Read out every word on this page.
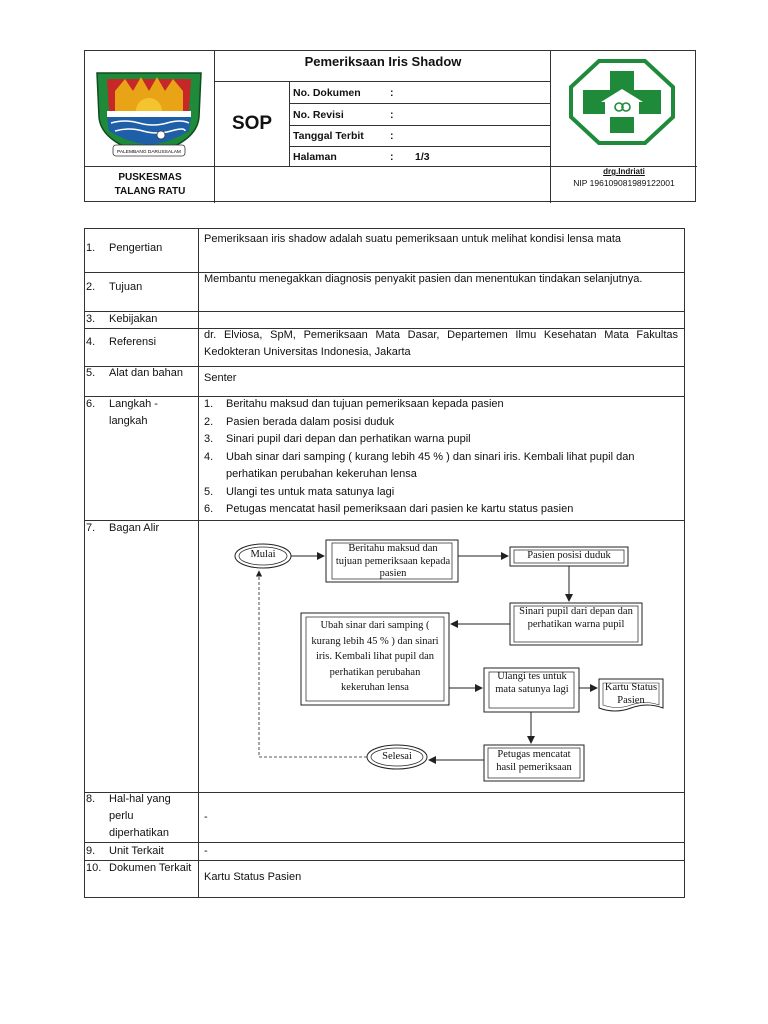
PALEMBANG DARUSSALAM
PUSKESMAS
TALANG RATU
Pemeriksaan Iris Shadow
SOP
No. Dokumen	:
No. Revisi	:
Tanggal Terbit :
Halaman	: 1/3
drg.Indriati
NIP 196109081989122001
1. Pengertian
Pemeriksaan iris shadow adalah suatu pemeriksaan untuk melihat kondisi lensa mata
2. Tujuan
Membantu menegakkan diagnosis penyakit pasien dan menentukan tindakan selanjutnya.
3. Kebijakan
4. Referensi
dr. Elviosa, SpM, Pemeriksaan Mata Dasar, Departemen Ilmu Kesehatan Mata Fakultas Kedokteran Universitas Indonesia, Jakarta
5. Alat dan bahan	Senter
6. Langkah - langkah
1. Beritahu maksud dan tujuan pemeriksaan kepada pasien
2. Pasien berada dalam posisi duduk
3. Sinari pupil dari depan dan perhatikan warna pupil
4. Ubah sinar dari samping ( kurang lebih 45 % ) dan sinari iris. Kembali lihat pupil dan perhatikan perubahan kekeruhan lensa
5. Ulangi tes untuk mata satunya lagi
6. Petugas mencatat hasil pemeriksaan dari pasien ke kartu status pasien
7. Bagan Alir
8. Hal-hal yang perlu diperhatikan
-
9. Unit Terkait	-
10. Dokumen Terkait
Kartu Status Pasien
Mulai
Beritahu maksud dan tujuan pemeriksaan kepada pasien
Pasien posisi duduk
Sinari pupil dari depan dan perhatikan warna pupil
Ubah sinar dari samping ( kurang lebih 45 % ) dan sinari iris. Kembali lihat pupil dan perhatikan perubahan kekeruhan lensa
Ulangi tes untuk mata satunya lagi	Kartu Status Pasien
Petugas mencatat hasil pemeriksaan
Selesai
